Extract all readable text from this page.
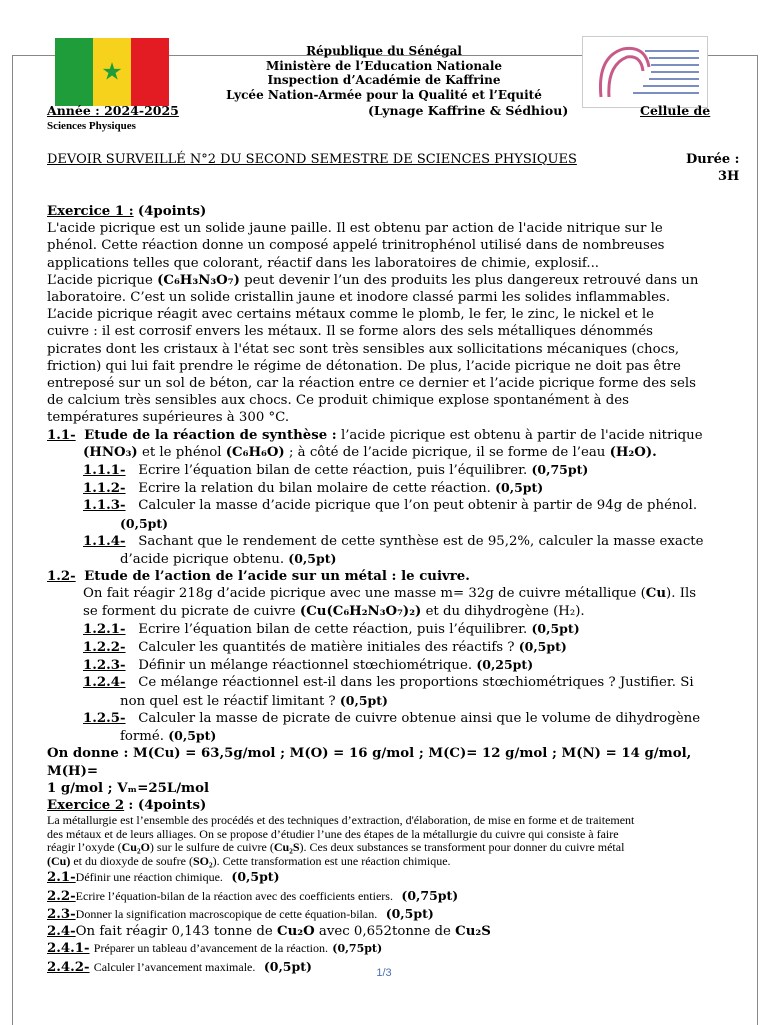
★
République du Sénégal
Ministère de l’Education Nationale
Inspection d’Académie de Kaffrine
Lycée Nation-Armée pour la Qualité et l’Equité
Année : 2024-2025	(Lynage Kaffrine & Sédhiou)	Cellule de
Sciences Physiques
DEVOIR SURVEILLÉ N°2 DU SECOND SEMESTRE DE SCIENCES PHYSIQUES	Durée :
3H

Exercice 1 : (4points)

L'acide picrique est un solide jaune paille. Il est obtenu par action de l'acide nitrique sur le

phénol. Cette réaction donne un composé appelé trinitrophénol utilisé dans de nombreuses

applications telles que colorant, réactif dans les laboratoires de chimie, explosif...

L’acide picrique (C₆H₃N₃O₇) peut devenir l’un des produits les plus dangereux retrouvé dans un

laboratoire. C’est un solide cristallin jaune et inodore classé parmi les solides inflammables.

L’acide picrique réagit avec certains métaux comme le plomb, le fer, le zinc, le nickel et le

cuivre : il est corrosif envers les métaux. Il se forme alors des sels métalliques dénommés

picrates dont les cristaux à l'état sec sont très sensibles aux sollicitations mécaniques (chocs,

friction) qui lui fait prendre le régime de détonation. De plus, l’acide picrique ne doit pas être

entreposé sur un sol de béton, car la réaction entre ce dernier et l’acide picrique forme des sels

de calcium très sensibles aux chocs. Ce produit chimique explose spontanément à des

températures supérieures à 300 °C.

1.1- Etude de la réaction de synthèse : l’acide picrique est obtenu à partir de l'acide nitrique

(HNO₃) et le phénol (C₆H₆O) ; à côté de l’acide picrique, il se forme de l’eau (H₂O).

1.1.1- Ecrire l’équation bilan de cette réaction, puis l’équilibrer. (0,75pt)

1.1.2- Ecrire la relation du bilan molaire de cette réaction. (0,5pt)

1.1.3- Calculer la masse d’acide picrique que l’on peut obtenir à partir de 94g de phénol.

(0,5pt)

1.1.4- Sachant que le rendement de cette synthèse est de 95,2%, calculer la masse exacte

d’acide picrique obtenu. (0,5pt)

1.2- Etude de l’action de l’acide sur un métal : le cuivre.

On fait réagir 218g d’acide picrique avec une masse m= 32g de cuivre métallique (Cu). Ils

se forment du picrate de cuivre (Cu(C₆H₂N₃O₇)₂) et du dihydrogène (H₂).

1.2.1- Ecrire l’équation bilan de cette réaction, puis l’équilibrer. (0,5pt)

1.2.2- Calculer les quantités de matière initiales des réactifs ? (0,5pt)

1.2.3- Définir un mélange réactionnel stœchiométrique. (0,25pt)

1.2.4- Ce mélange réactionnel est-il dans les proportions stœchiométriques ? Justifier. Si

non quel est le réactif limitant ? (0,5pt)

1.2.5- Calculer la masse de picrate de cuivre obtenue ainsi que le volume de dihydrogène

formé. (0,5pt)

On donne : M(Cu) = 63,5g/mol ; M(O) = 16 g/mol ; M(C)= 12 g/mol ; M(N) = 14 g/mol, M(H)=

1 g/mol ; Vₘ=25L/mol

Exercice 2 : (4points)

La métallurgie est l’ensemble des procédés et des techniques d’extraction, d'élaboration, de mise en forme et de traitement

des métaux et de leurs alliages. On se propose d’étudier l’une des étapes de la métallurgie du cuivre qui consiste à faire

réagir l’oxyde (Cu₂O) sur le sulfure de cuivre (Cu₂S). Ces deux substances se transforment pour donner du cuivre métal

(Cu) et du dioxyde de soufre (SO₂). Cette transformation est une réaction chimique.

2.1-Définir une réaction chimique. (0,5pt)

2.2-Ecrire l’équation-bilan de la réaction avec des coefficients entiers. (0,75pt)

2.3-Donner la signification macroscopique de cette équation-bilan. (0,5pt)

2.4-On fait réagir 0,143 tonne de Cu₂O avec 0,652tonne de Cu₂S

2.4.1- Préparer un tableau d’avancement de la réaction. (0,75pt)

2.4.2- Calculer l’avancement maximale. (0,5pt)	1/3
